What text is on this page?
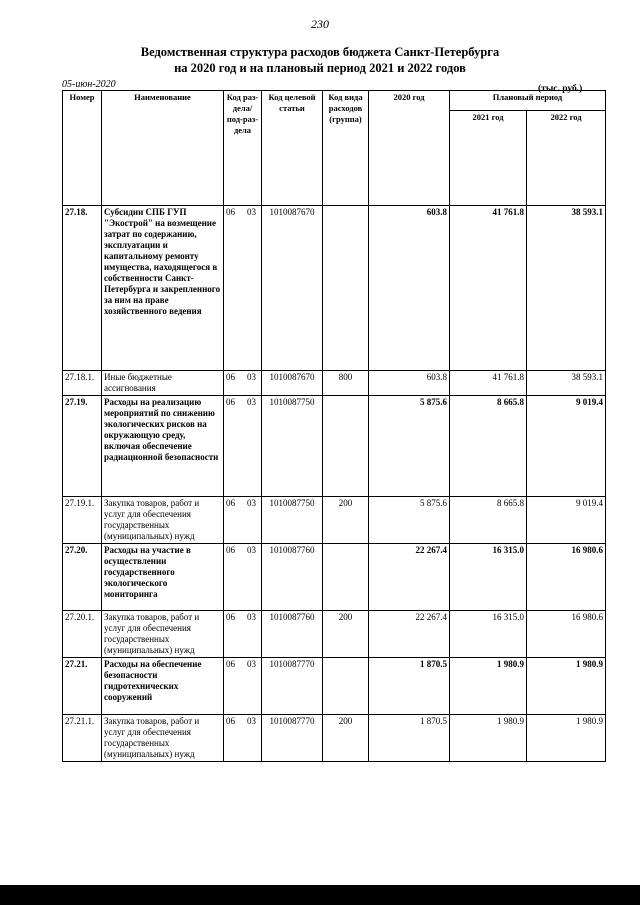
230
Ведомственная структура расходов бюджета Санкт-Петербурга
на 2020 год и на плановый период 2021 и 2022 годов
05-июн-2020	(тыс. руб.)
Номер	Наименование	Код раз-дела/ под-раз-дела	Код целевой статьи	Код вида расходов (группа)	2020 год	Плановый период	
						2021 год	2022 год
27.18.	Субсидии СПБ ГУП "Экострой" на возмещение затрат по содержанию, эксплуатации и капитальному ремонту имущества, находящегося в собственности Санкт-Петербурга и закрепленного за ним на праве хозяйственного ведения	06 03	1010087670		603.8	41 761.8	38 593.1
27.18.1.	Иные бюджетные ассигнования	06 03	1010087670	800	603.8	41 761.8	38 593.1
27.19.	Расходы на реализацию мероприятий по снижению экологических рисков на окружающую среду, включая обеспечение радиационной безопасности	06 03	1010087750		5 875.6	8 665.8	9 019.4
27.19.1.	Закупка товаров, работ и услуг для обеспечения государственных (муниципальных) нужд	06 03	1010087750	200	5 875.6	8 665.8	9 019.4
27.20.	Расходы на участие в осуществлении государственного экологического мониторинга	06 03	1010087760		22 267.4	16 315.0	16 980.6
27.20.1.	Закупка товаров, работ и услуг для обеспечения государственных (муниципальных) нужд	06 03	1010087760	200	22 267.4	16 315.0	16 980.6
27.21.	Расходы на обеспечение безопасности гидротехнических сооружений	06 03	1010087770		1 870.5	1 980.9	1 980.9
27.21.1.	Закупка товаров, работ и услуг для обеспечения государственных (муниципальных) нужд	06 03	1010087770	200	1 870.5	1 980.9	1 980.9
